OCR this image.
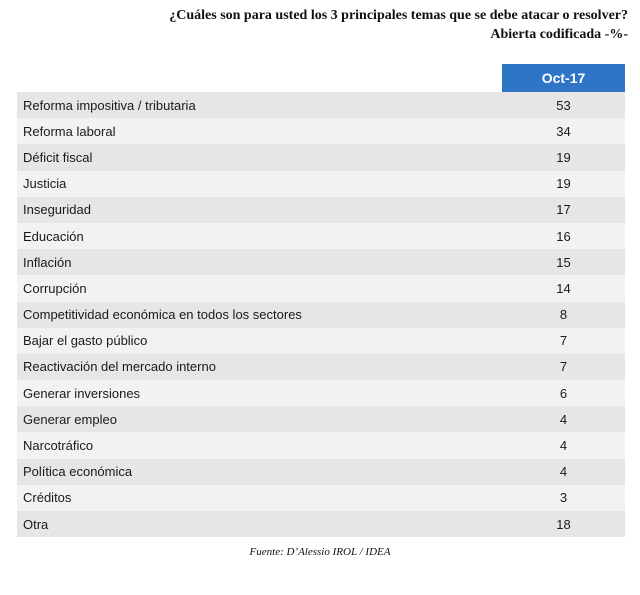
¿Cuáles son para usted los 3 principales temas que se debe atacar o resolver?
Abierta codificada -%-
Oct-17
Reforma impositiva / tributaria	53
Reforma laboral	34
Déficit fiscal	19
Justicia	19
Inseguridad	17
Educación	16
Inflación	15
Corrupción	14
Competitividad económica en todos los sectores	8
Bajar el gasto público	7
Reactivación del mercado interno	7
Generar inversiones	6
Generar empleo	4
Narcotráfico	4
Política económica	4
Créditos	3
Otra	18
Fuente: D’Alessio IROL / IDEA
